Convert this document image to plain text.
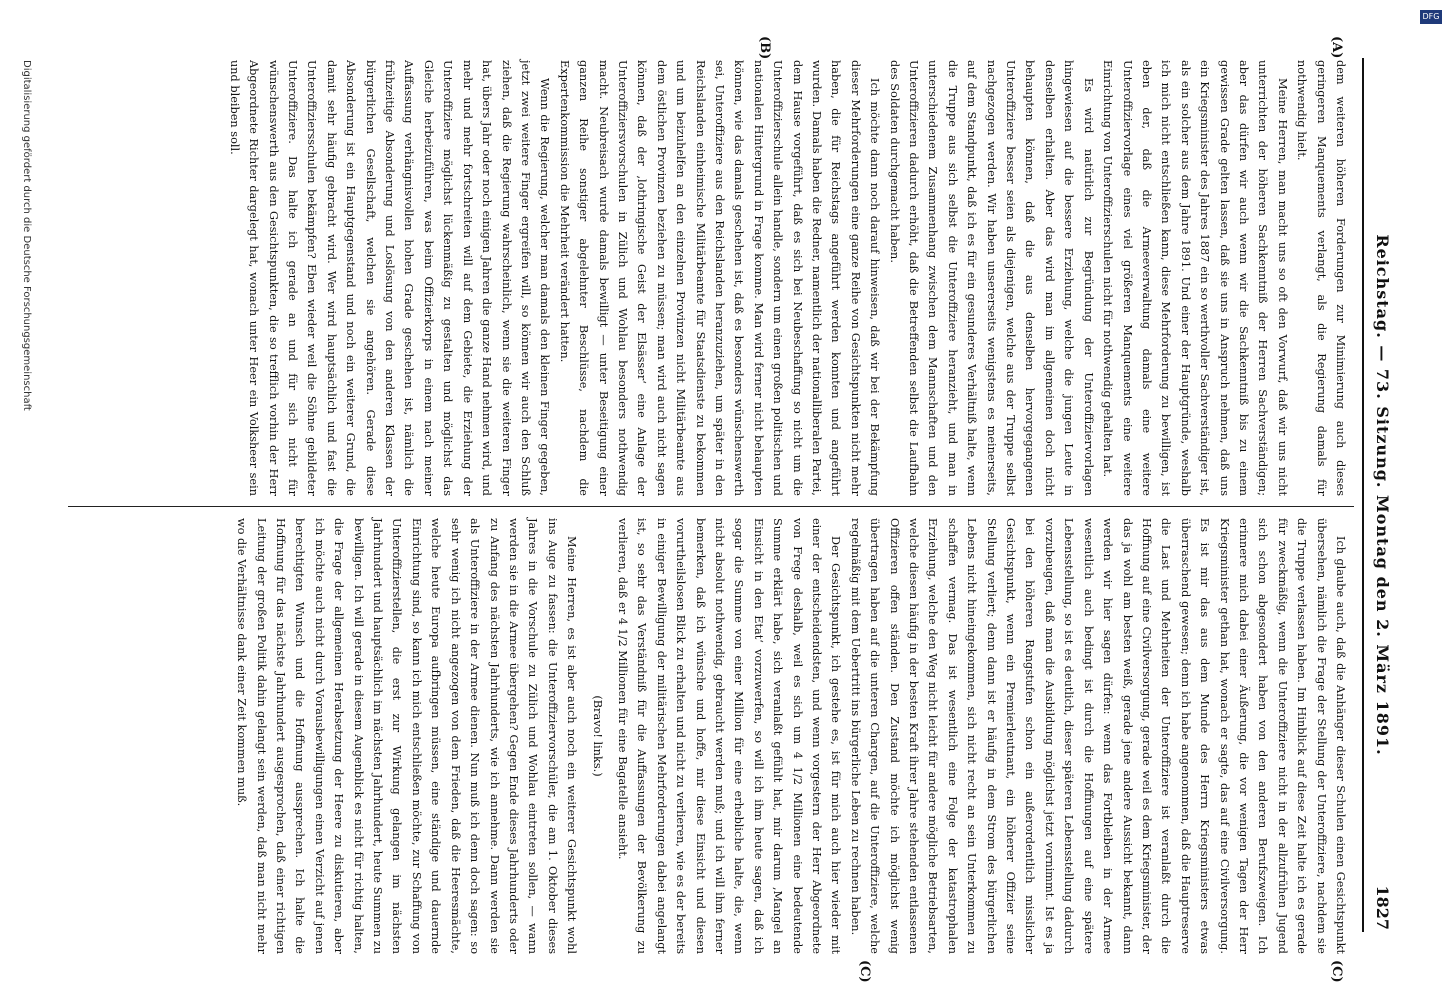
Reichstag. — 73. Sitzung. Montag den 2. März 1891.
1827
(A)
(B)
(C)
(C)

dem weiteren höheren Forderungen zur Minimierung auch dieses geringeren Manquements verlangt, als die Regierung damals für nothwendig hielt.

Meine Herren, man macht uns so oft den Vorwurf, daß wir uns nicht unterrichten der höheren Sachkenntniß der Herren Sachverständigen; aber das dürfen wir auch wenn wir die Sachkenntniß bis zu einem gewissen Grade gelten lassen, daß sie uns in Anspruch nehmen, daß uns ein Kriegsminister des Jahres 1887 ein so werthvoller Sachverständiger ist, als ein solcher aus dem Jahre 1891. Und einer der Hauptgründe, weshalb ich mich nicht entschließen kann, diese Mehrforderung zu bewilligen, ist eben der, daß die Armeeverwaltung damals eine weitere Unteroffiziervorlage eines viel größeren Manquements eine weitere Einrichtung von Unteroffizierschulen nicht für nothwendig gehalten hat.

Es wird natürlich zur Begründung der Unteroffiziervorlagen hingewiesen auf die bessere Erziehung, welche die jungen Leute in denselben erhalten. Aber das wird man im allgemeinen doch nicht behaupten können, daß die aus denselben hervorgegangenen Unteroffiziere besser seien als diejenigen, welche aus der Truppe selbst nachgezogen werden. Wir haben unsererseits wenigstens es meinerseits, auf dem Standpunkt, daß ich es für ein gesunderes Verhältniß halte, wenn die Truppe aus sich selbst die Unteroffiziere heranzieht, und man in unterschiedenem Zusammenhang zwischen dem Mannschaften und den Unteroffizieren dadurch erhöht, daß die Betreffenden selbst die Laufbahn des Soldaten durchgemacht haben.

Ich möchte dann noch darauf hinweisen, daß wir bei der Bekämpfung dieser Mehrforderungen eine ganze Reihe von Gesichtspunkten nicht mehr haben, die für Reichstags angeführt werden konnten und angeführt wurden. Damals haben die Redner, namentlich der nationalliberalen Partei, dem Hause vorgeführt, daß es sich bei Neubeschaffung so nicht um die Unteroffizierschule allein handle, sondern um einen großen politischen und nationalen Hintergrund in Frage komme. Man wird ferner nicht behaupten können, wie das damals geschehen ist, daß es besonders wünschenswerth sei, Unteroffiziere aus den Reichslanden heranzuziehen, um später in den Reichslanden einheimische Militärbeamte für Staatsdienste zu bekommen und um beizuhelfen an den einzelnen Provinzen nicht Militärbeamte aus dem östlichen Provinzen beziehen zu müssen; man wird auch nicht sagen können, daß der ‚lothringische Geist der Elsässer‘ eine Anlage der Unteroffiziersvorschulen in Zülich und Wohlau besonders nothwendig macht. Neubreisach wurde damals bewilligt — unter Beseitigung einer ganzen Reihe sonstiger abgelehnter Beschlüsse, nachdem die Expertenkommission die Mehrheit verändert hatten.

Wenn die Regierung, welcher man damals den kleinen Finger gegeben, jetzt zwei weitere Finger ergreifen will, so können wir auch den Schluß ziehen, daß die Regierung wahrscheinlich, wenn sie die weiteren Finger hat, übers Jahr oder noch einigen Jahren die ganze Hand nehmen wird, und mehr und mehr fortschreiten will auf dem Gebiete, die Erziehung der Unteroffiziere möglichst lückenmäßig zu gestalten und möglichst das Gleiche herbeizuführen, was beim Offizierkorps in einem nach meiner Auffassung verhängnisvollen hohen Grade geschehen ist, nämlich die frühzeitige Absonderung und Loslösung von den anderen Klassen der bürgerlichen Gesellschaft, welchen sie angehören. Gerade diese Absonderung ist ein Hauptgegenstand und noch ein weiterer Grund, die damit sehr häufig gebracht wird. Wer wird hauptsächlich und fast die Unteroffiziersschulen bekämpfen? Eben wieder weil die Söhne gebildeter Unteroffiziere. Das halte ich gerade an und für sich nicht für wünschenswerth aus den Gesichtspunkten, die so trefflich vorhin der Herr Abgeordnete Richter dargelegt hat, wonach unter Heer ein Volksheer sein und bleiben soll.

Ich glaube auch, daß die Anhänger dieser Schulen einen Gesichtspunkt übersehen, nämlich die Frage der Stellung der Unteroffiziere, nachdem sie die Truppe verlassen haben. Im Hinblick auf diese Zeit halte ich es gerade für zweckmäßig, wenn die Unteroffiziere nicht in der allzufrühen Jugend sich schon abgesondert haben von den anderen Berufszweigen. Ich erinnere mich dabei einer Äußerung, die vor wenigen Tagen der Herr Kriegsminister gethan hat, wonach er sagte, das auf eine Civilversorgung. Es ist mir das aus dem Munde des Herrn Kriegsministers etwas überraschend gewesen; denn ich habe angenommen, daß die Hauptreserve die Last und Mehrheiten der Unteroffiziere ist veranlaßt durch die Hoffnung auf eine Civilversorgung, gerade weil es dem Kriegsminister, der das ja wohl am besten weiß, gerade jene andere Aussicht bekannt, dann werden wir hier sagen dürfen: wenn das Fortbleiben in der Armee wesentlich auch bedingt ist durch die Hoffnungen auf eine spätere Lebensstellung, so ist es deutlich, dieser späteren Lebensstellung dadurch vorzubeugen, daß man die Ausbildung möglichst jetzt vornimmt. Ist es ja bei den höheren Rangstufen schon ein außerordentlich misslicher Gesichtspunkt, wenn ein Premierleutnant, ein höherer Offizier seine Stellung verliert; denn dann ist er häufig in dem Strom des bürgerlichen Lebens nicht hineingekommen, sich nicht recht an sein Unterkommen zu schaffen vermag. Das ist wesentlich eine Folge der katastrophalen Erziehung, welche den Weg nicht leicht für andere mögliche Betriebsarten, welche diesen häufig in der besten Kraft ihrer Jahre stehenden entlassenen Offizieren offen ständen. Den Zustand möchte ich möglichst wenig übertragen haben auf die unteren Chargen, auf die Unteroffiziere, welche regelmäßig mit dem Uebertritt ins bürgerliche Leben zu rechnen haben.

Der Gesichtspunkt, ich gestehe es, ist für mich auch hier wieder mit einer der entscheidendsten, und wenn vorgestern der Herr Abgeordnete von Frege deshalb, weil es sich um 4 1/2 Millionen eine bedeutende Summe erklärt habe, sich veranlaßt gefühlt hat, mir darum ‚Mangel an Einsicht in den Etat‘ vorzuwerfen, so will ich ihm heute sagen, daß ich sogar die Summe von einer Million für eine erhebliche halte, die, wenn nicht absolut nothwendig, gebraucht werden muß; und ich will ihm ferner bemerken, daß ich wünsche und hoffe, mir diese Einsicht und diesen vorurtheilslosen Blick zu erhalten und nicht zu verlieren, wie es der bereits in einiger Bewilligung der militärischen Mehrforderungen dabei angelangt ist, so sehr das Verständniß für die Auffassungen der Bevölkerung zu verlieren, daß er 4 1/2 Millionen für eine Bagatelle ansieht.

(Bravo! links.)

Meine Herren, es ist aber auch noch ein weiterer Gesichtspunkt wohl ins Auge zu fassen: die Unteroffiziervorschüler, die am 1. Oktober dieses Jahres in die Vorschule zu Zülich und Wohlau eintreten sollen, — wann werden sie in die Armee übergehen? Gegen Ende dieses Jahrhunderts oder zu Anfang des nächsten Jahrhunderts, wie ich annehme. Dann werden sie als Unteroffiziere in der Armee dienen. Nun muß ich denn doch sagen: so sehr wenig ich nicht angezogen von dem Frieden, daß die Heeresmächte, welche heute Europa aufbringen müssen, eine ständige und dauernde Einrichtung sind, so kann ich mich entschließen möchte, zur Schaffung von Unteroffizierstellen, die erst zur Wirkung gelangen im nächsten Jahrhundert und hauptsächlich im nächsten Jahrhundert, heute Summen zu bewilligen. Ich will gerade in diesem Augenblick es nicht für richtig halten, die Frage der allgemeinen Herabsetzung der Heere zu diskutieren, aber ich möchte auch nicht durch Vorausbewilligungen einen Verzicht auf jenen berechtigten Wunsch und die Hoffnung aussprechen. Ich halte die Hoffnung für das nächste Jahrhundert ausgesprochen, daß einer richtigen Leitung der großen Politik dahin gelangt sein werden, daß man nicht mehr wo die Verhältnisse dank einer Zeit kommen muß.

Digitalisierung gefördert durch die Deutsche Forschungsgemeinschaft
DFG
